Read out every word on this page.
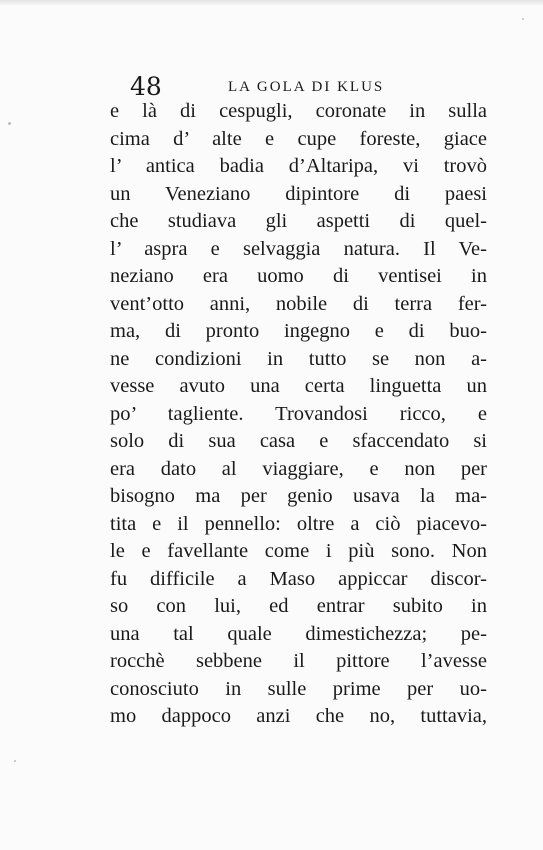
48	LA GOLA DI KLUS
e là di cespugli, coronate in sulla
cima d’ alte e cupe foreste, giace
l’ antica badia d’Altaripa, vi trovò
un Veneziano dipintore di paesi
che studiava gli aspetti di quel-
l’ aspra e selvaggia natura. Il Ve-
neziano era uomo di ventisei in
vent’otto anni, nobile di terra fer-
ma, di pronto ingegno e di buo-
ne condizioni in tutto se non a-
vesse avuto una certa linguetta un
po’ tagliente. Trovandosi ricco, e
solo di sua casa e sfaccendato si
era dato al viaggiare, e non per
bisogno ma per genio usava la ma-
tita e il pennello: oltre a ciò piacevo-
le e favellante come i più sono. Non
fu difficile a Maso appiccar discor-
so con lui, ed entrar subito in
una tal quale dimestichezza; pe-
rocchè sebbene il pittore l’avesse
conosciuto in sulle prime per uo-
mo dappoco anzi che no, tuttavia,
